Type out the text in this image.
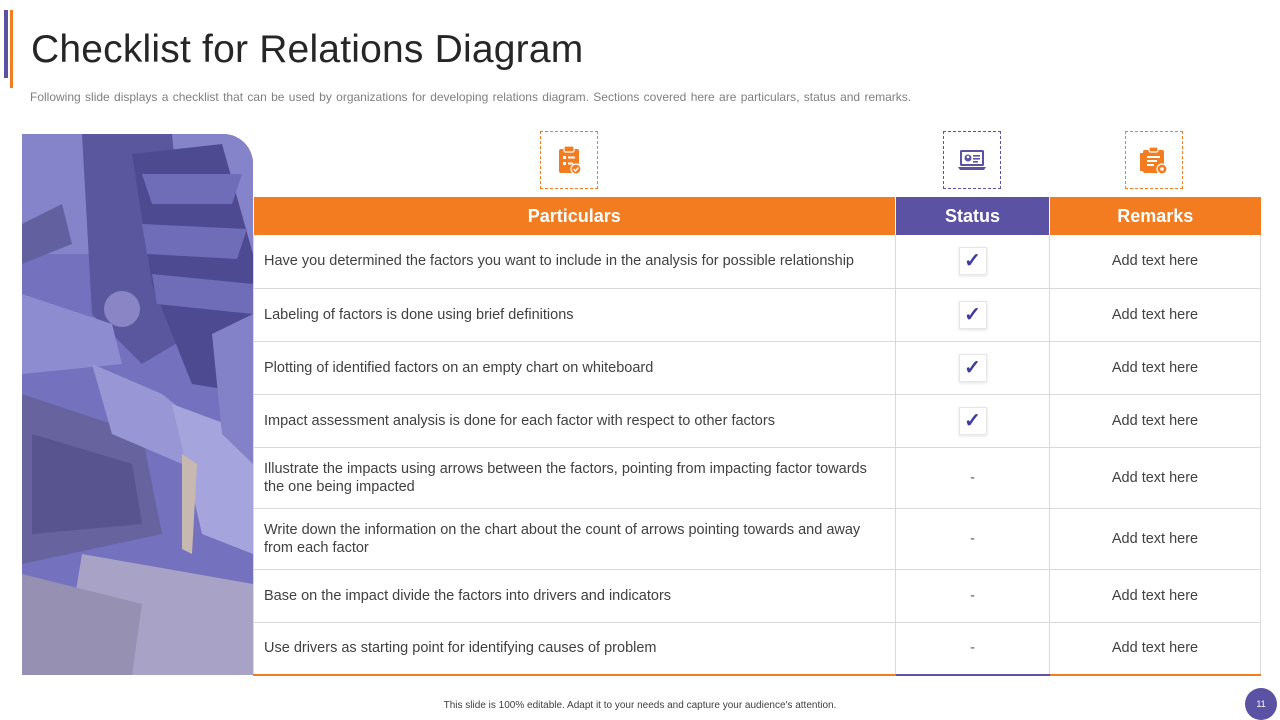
Checklist for Relations Diagram
Following slide displays a checklist that can be used by organizations for developing relations diagram. Sections covered here are particulars, status and remarks.
Particulars	Status	Remarks
Have you determined the factors you want to include in the analysis for possible relationship	✓	Add text here
Labeling of factors is done using brief definitions	✓	Add text here
Plotting of identified factors on an empty chart on whiteboard	✓	Add text here
Impact assessment analysis is done for each factor with respect to other factors	✓	Add text here
Illustrate the impacts using arrows between the factors, pointing from impacting factor towards the one being impacted	-	Add text here
Write down the information on the chart about the count of arrows pointing towards and away from each factor	-	Add text here
Base on the impact divide the factors into drivers and indicators	-	Add text here
Use drivers as starting point for identifying causes of problem	-	Add text here
This slide is 100% editable. Adapt it to your needs and capture your audience's attention.	11
